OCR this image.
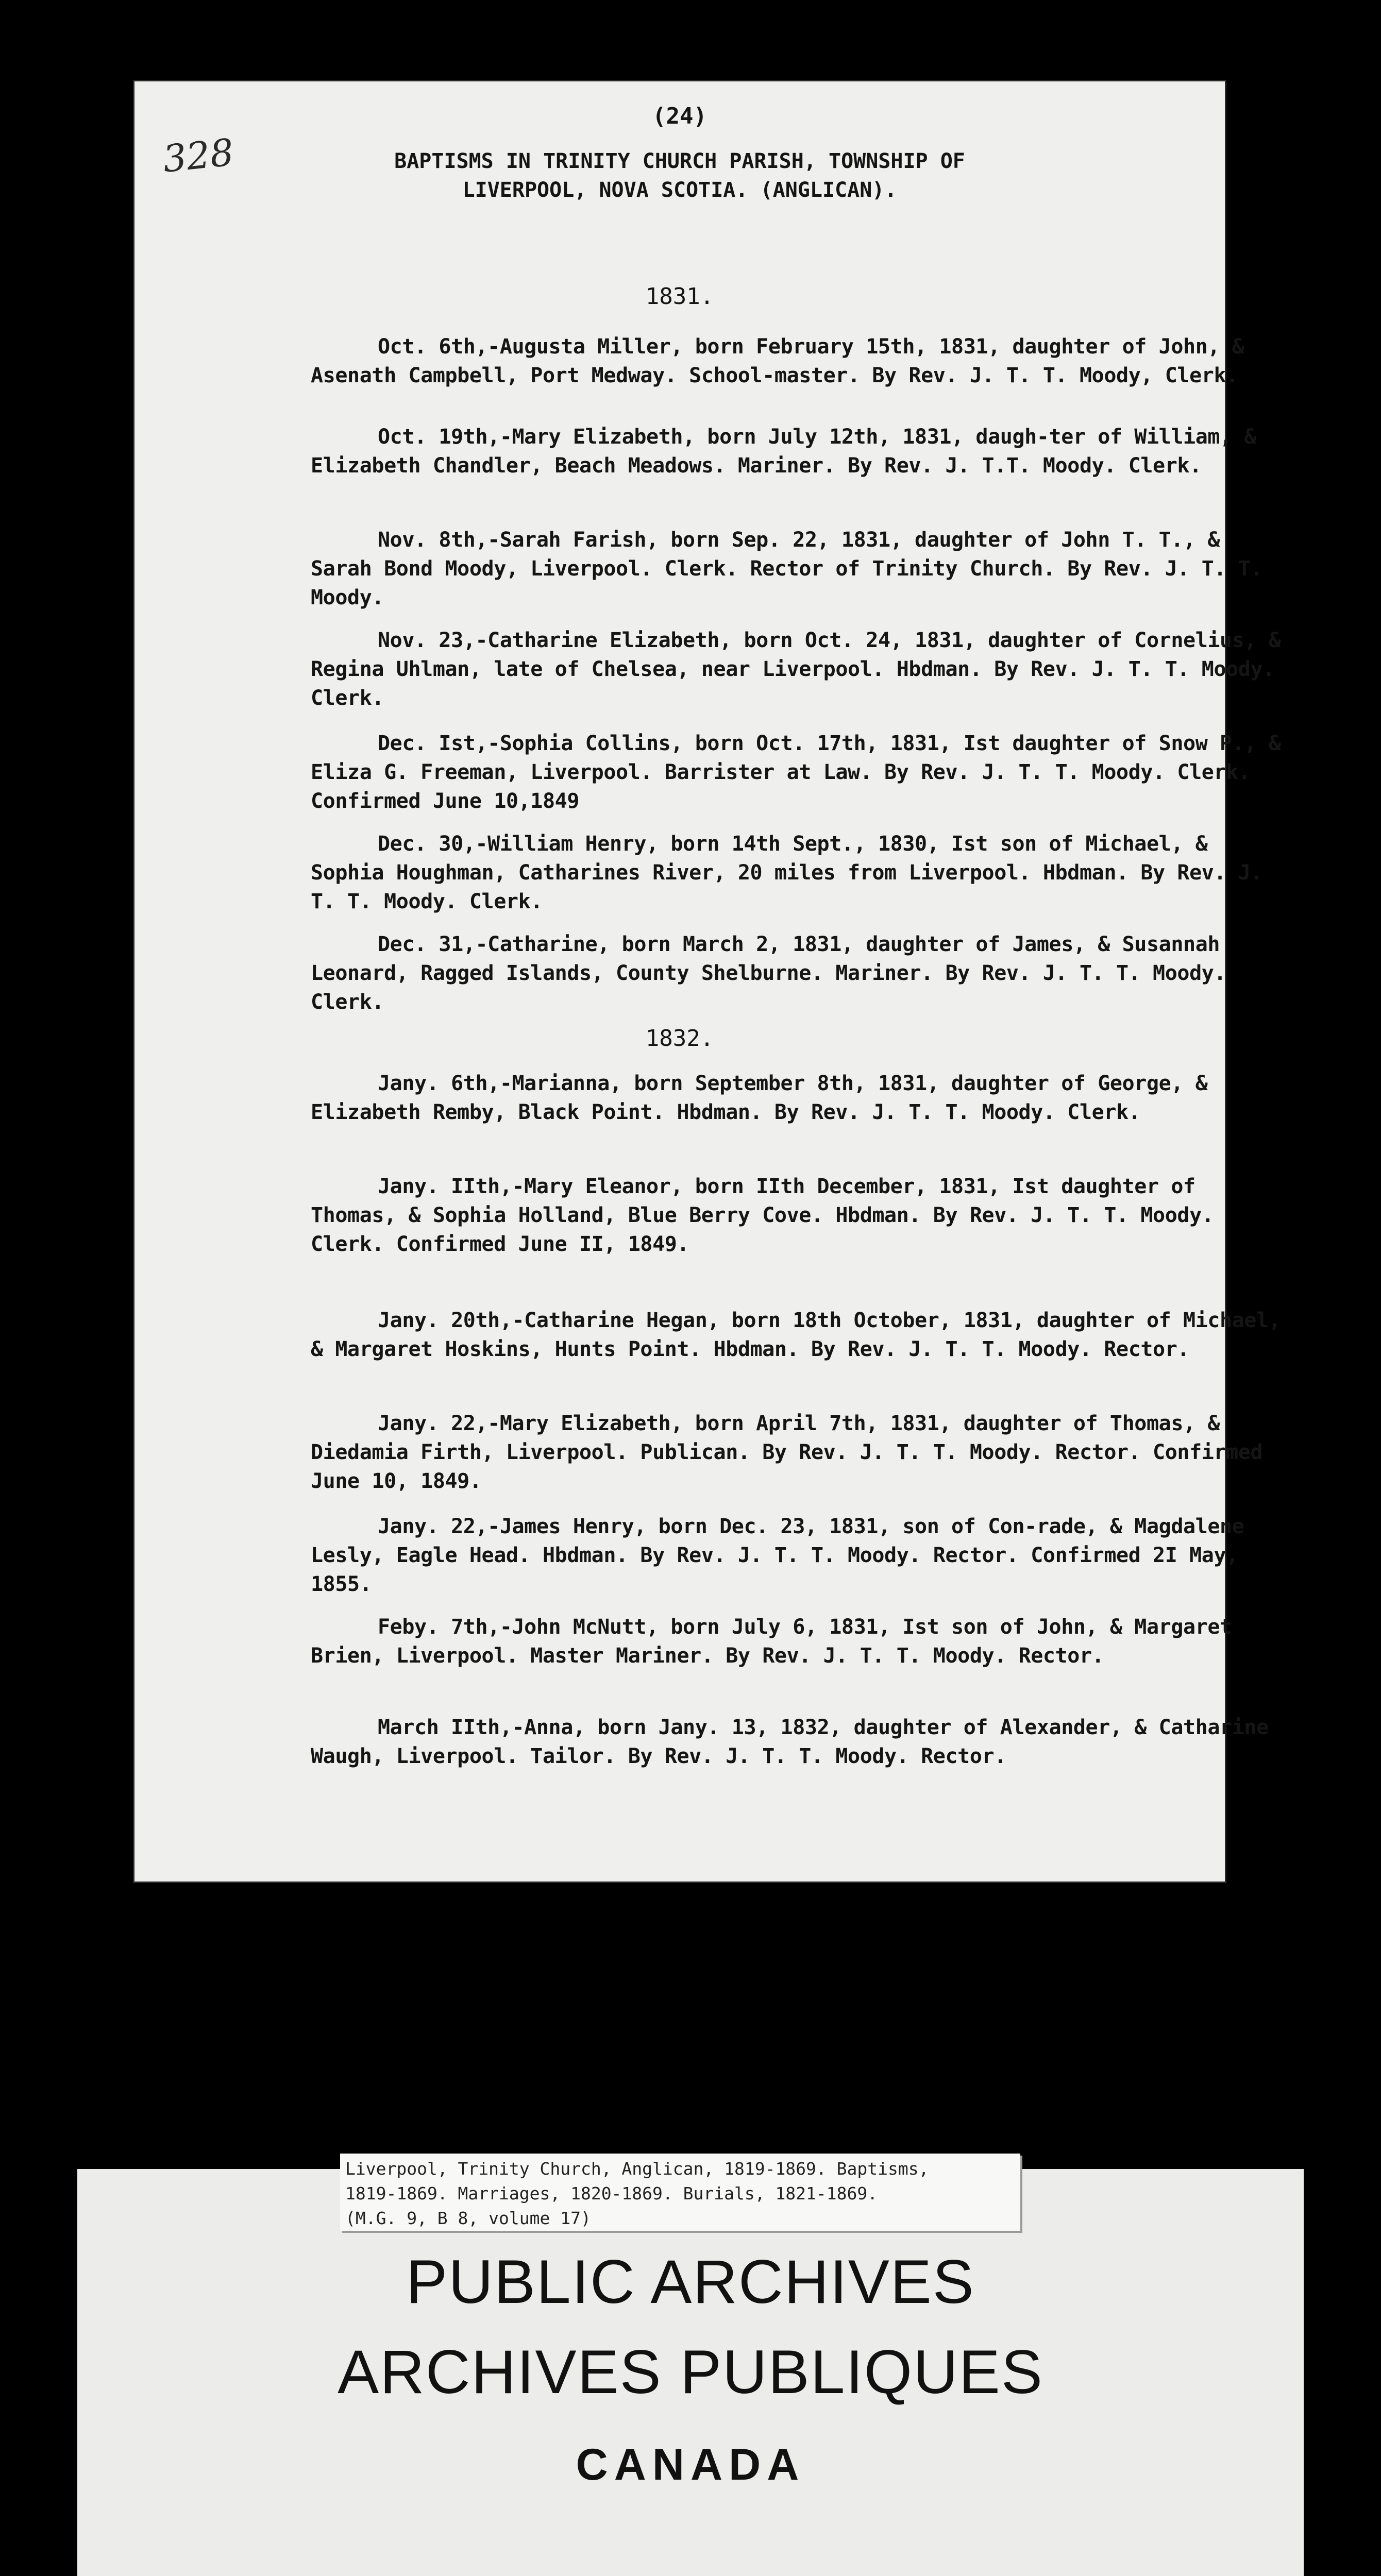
328
(24)
BAPTISMS IN TRINITY CHURCH PARISH, TOWNSHIP OF
LIVERPOOL, NOVA SCOTIA. (ANGLICAN).
1831.
Oct. 6th,-Augusta Miller, born February 15th, 1831, daughter of John, & Asenath Campbell, Port Medway. School-master. By Rev. J. T. T. Moody, Clerk.
Oct. 19th,-Mary Elizabeth, born July 12th, 1831, daugh-ter of William, & Elizabeth Chandler, Beach Meadows. Mariner. By Rev. J. T.T. Moody. Clerk.
Nov. 8th,-Sarah Farish, born Sep. 22, 1831, daughter of John T. T., & Sarah Bond Moody, Liverpool. Clerk. Rector of Trinity Church. By Rev. J. T. T. Moody.
Nov. 23,-Catharine Elizabeth, born Oct. 24, 1831, daughter of Cornelius, & Regina Uhlman, late of Chelsea, near Liverpool. Hbdman. By Rev. J. T. T. Moody. Clerk.
Dec. Ist,-Sophia Collins, born Oct. 17th, 1831, Ist daughter of Snow P., & Eliza G. Freeman, Liverpool. Barrister at Law. By Rev. J. T. T. Moody. Clerk. Confirmed June 10,1849
Dec. 30,-William Henry, born 14th Sept., 1830, Ist son of Michael, & Sophia Houghman, Catharines River, 20 miles from Liverpool. Hbdman. By Rev. J. T. T. Moody. Clerk.
Dec. 31,-Catharine, born March 2, 1831, daughter of James, & Susannah Leonard, Ragged Islands, County Shelburne. Mariner. By Rev. J. T. T. Moody. Clerk.
1832.
Jany. 6th,-Marianna, born September 8th, 1831, daughter of George, & Elizabeth Remby, Black Point. Hbdman. By Rev. J. T. T. Moody. Clerk.
Jany. IIth,-Mary Eleanor, born IIth December, 1831, Ist daughter of Thomas, & Sophia Holland, Blue Berry Cove. Hbdman. By Rev. J. T. T. Moody. Clerk. Confirmed June II, 1849.
Jany. 20th,-Catharine Hegan, born 18th October, 1831, daughter of Michael, & Margaret Hoskins, Hunts Point. Hbdman. By Rev. J. T. T. Moody. Rector.
Jany. 22,-Mary Elizabeth, born April 7th, 1831, daughter of Thomas, & Diedamia Firth, Liverpool. Publican. By Rev. J. T. T. Moody. Rector. Confirmed June 10, 1849.
Jany. 22,-James Henry, born Dec. 23, 1831, son of Con-rade, & Magdalene Lesly, Eagle Head. Hbdman. By Rev. J. T. T. Moody. Rector. Confirmed 2I May, 1855.
Feby. 7th,-John McNutt, born July 6, 1831, Ist son of John, & Margaret Brien, Liverpool. Master Mariner. By Rev. J. T. T. Moody. Rector.
March IIth,-Anna, born Jany. 13, 1832, daughter of Alexander, & Catharine Waugh, Liverpool. Tailor. By Rev. J. T. T. Moody. Rector.
Liverpool, Trinity Church, Anglican, 1819-1869. Baptisms,
1819-1869. Marriages, 1820-1869. Burials, 1821-1869.
(M.G. 9, B 8, volume 17)
PUBLIC ARCHIVES
ARCHIVES PUBLIQUES
CANADA
